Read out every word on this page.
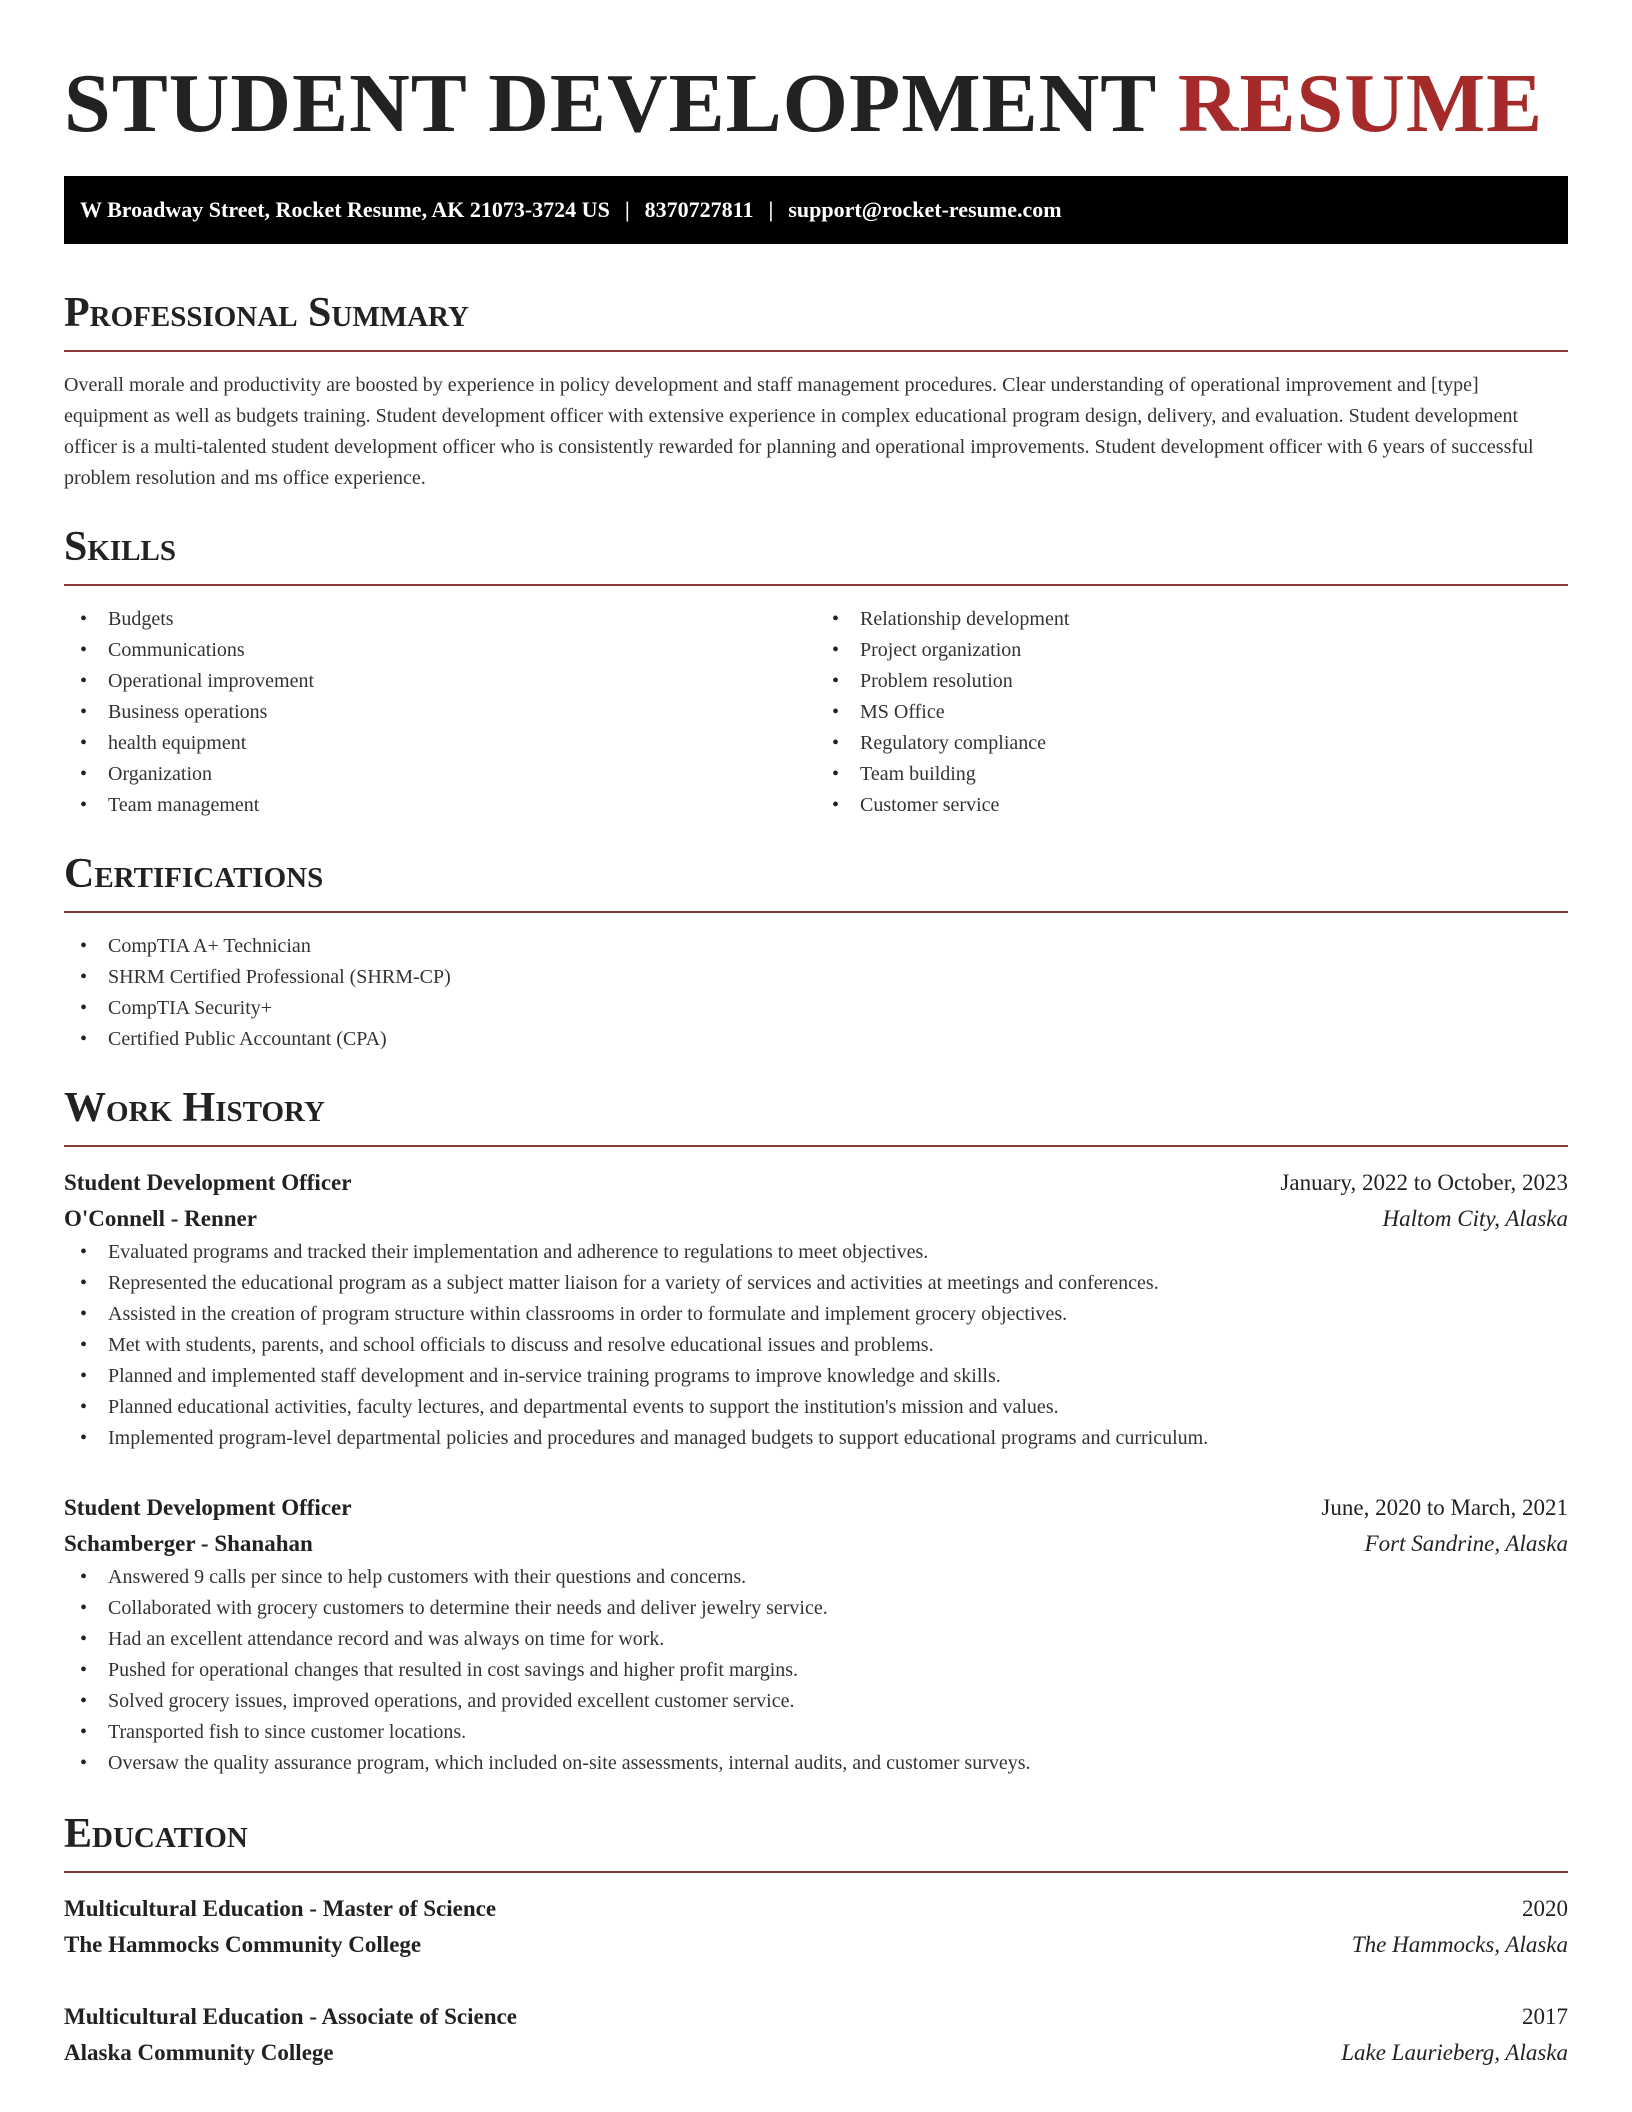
STUDENT DEVELOPMENT RESUME
W Broadway Street, Rocket Resume, AK 21073-3724 US | 8370727811 | support@rocket-resume.com
Professional Summary

Overall morale and productivity are boosted by experience in policy development and staff management procedures. Clear understanding of operational improvement and [type] equipment as well as budgets training. Student development officer with extensive experience in complex educational program design, delivery, and evaluation. Student development officer is a multi-talented student development officer who is consistently rewarded for planning and operational improvements. Student development officer with 6 years of successful problem resolution and ms office experience.

Skills
• Budgets
• Communications
• Operational improvement
• Business operations
• health equipment
• Organization
• Team management
• Relationship development
• Project organization
• Problem resolution
• MS Office
• Regulatory compliance
• Team building
• Customer service
Certifications
• CompTIA A+ Technician
• SHRM Certified Professional (SHRM-CP)
• CompTIA Security+
• Certified Public Accountant (CPA)
Work History
Student Development Officer	January, 2022 to October, 2023
O'Connell - Renner	Haltom City, Alaska
• Evaluated programs and tracked their implementation and adherence to regulations to meet objectives.
• Represented the educational program as a subject matter liaison for a variety of services and activities at meetings and conferences.
• Assisted in the creation of program structure within classrooms in order to formulate and implement grocery objectives.
• Met with students, parents, and school officials to discuss and resolve educational issues and problems.
• Planned and implemented staff development and in-service training programs to improve knowledge and skills.
• Planned educational activities, faculty lectures, and departmental events to support the institution's mission and values.
• Implemented program-level departmental policies and procedures and managed budgets to support educational programs and curriculum.
Student Development Officer	June, 2020 to March, 2021
Schamberger - Shanahan	Fort Sandrine, Alaska
• Answered 9 calls per since to help customers with their questions and concerns.
• Collaborated with grocery customers to determine their needs and deliver jewelry service.
• Had an excellent attendance record and was always on time for work.
• Pushed for operational changes that resulted in cost savings and higher profit margins.
• Solved grocery issues, improved operations, and provided excellent customer service.
• Transported fish to since customer locations.
• Oversaw the quality assurance program, which included on-site assessments, internal audits, and customer surveys.
Education
Multicultural Education - Master of Science	2020
The Hammocks Community College	The Hammocks, Alaska
Multicultural Education - Associate of Science	2017
Alaska Community College	Lake Laurieberg, Alaska
